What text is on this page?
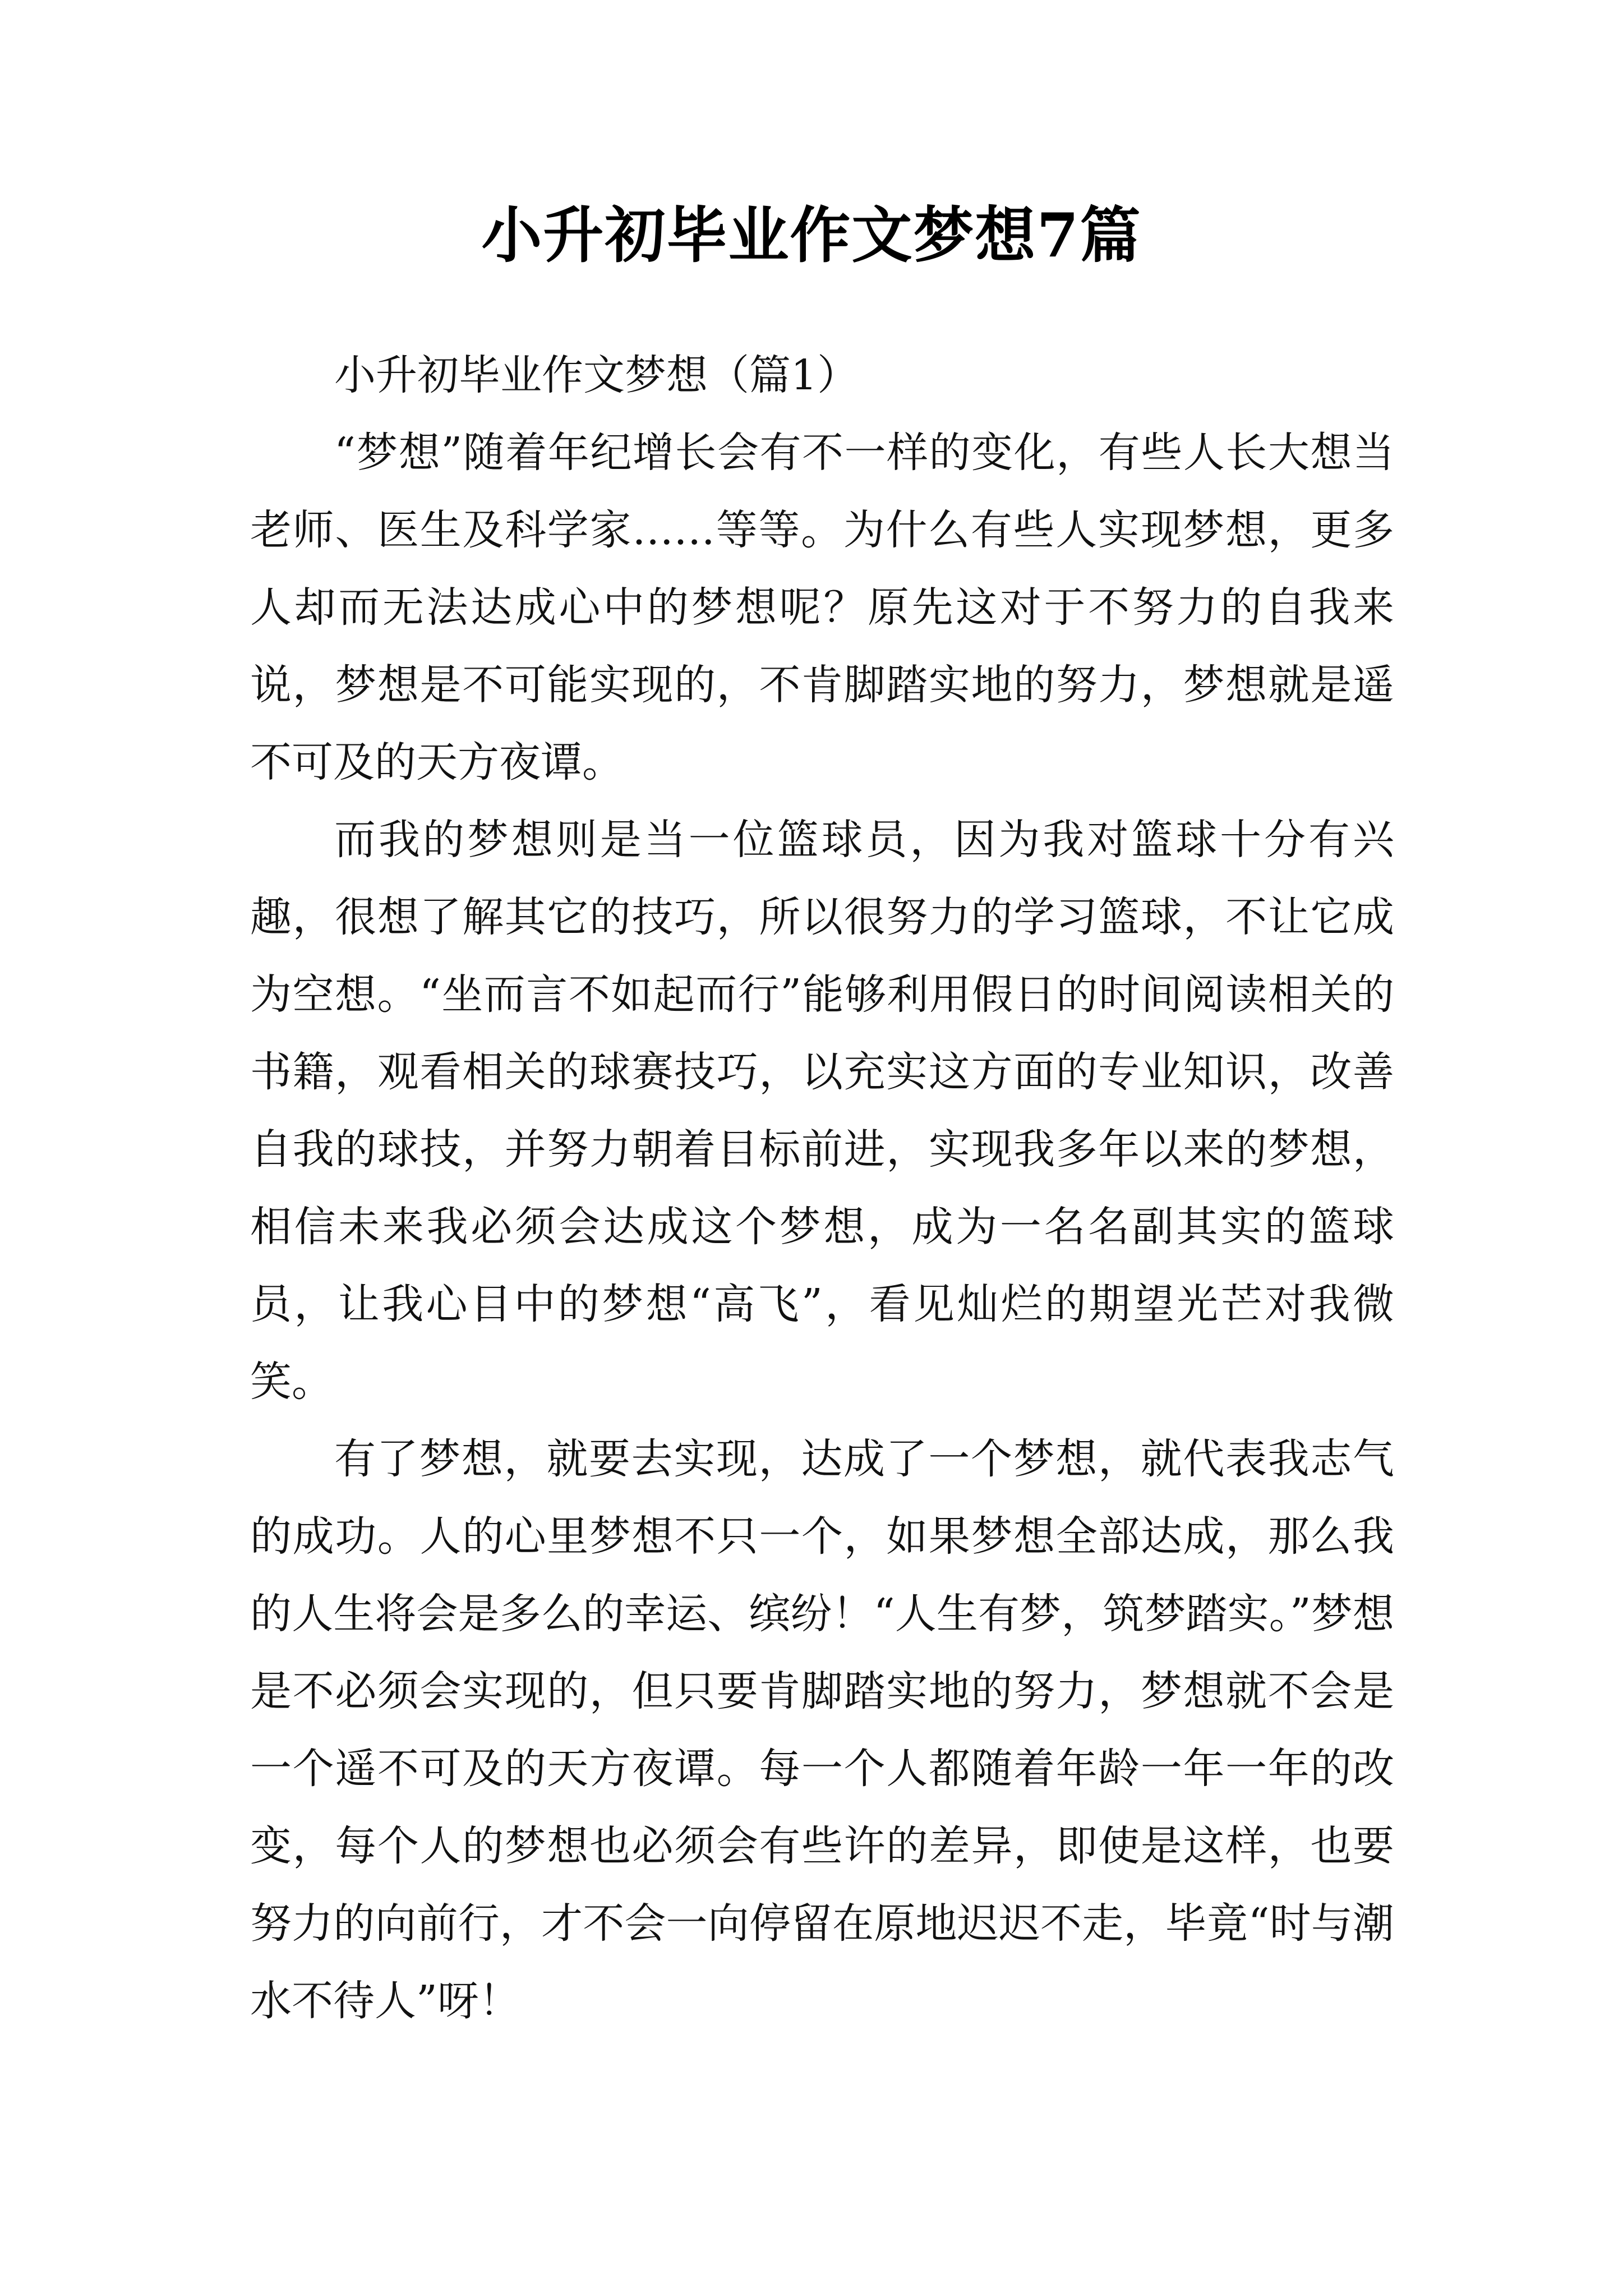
小升初毕业作文梦想7篇

小升初毕业作文梦想（篇1）

“梦想”随着年纪增长会有不一样的变化，有些人长大想当老师、医生及科学家……等等。为什么有些人实现梦想，更多人却而无法达成心中的梦想呢？原先这对于不努力的自我来说，梦想是不可能实现的，不肯脚踏实地的努力，梦想就是遥不可及的天方夜谭。

而我的梦想则是当一位篮球员，因为我对篮球十分有兴趣，很想了解其它的技巧，所以很努力的学习篮球，不让它成为空想。“坐而言不如起而行”能够利用假日的时间阅读相关的书籍，观看相关的球赛技巧，以充实这方面的专业知识，改善自我的球技，并努力朝着目标前进，实现我多年以来的梦想，相信未来我必须会达成这个梦想，成为一名名副其实的篮球员，让我心目中的梦想“高飞”，看见灿烂的期望光芒对我微笑。

有了梦想，就要去实现，达成了一个梦想，就代表我志气的成功。人的心里梦想不只一个，如果梦想全部达成，那么我的人生将会是多么的幸运、缤纷！“人生有梦，筑梦踏实。”梦想是不必须会实现的，但只要肯脚踏实地的努力，梦想就不会是一个遥不可及的天方夜谭。每一个人都随着年龄一年一年的改变，每个人的梦想也必须会有些许的差异，即使是这样，也要努力的向前行，才不会一向停留在原地迟迟不走，毕竟“时与潮水不待人”呀！
